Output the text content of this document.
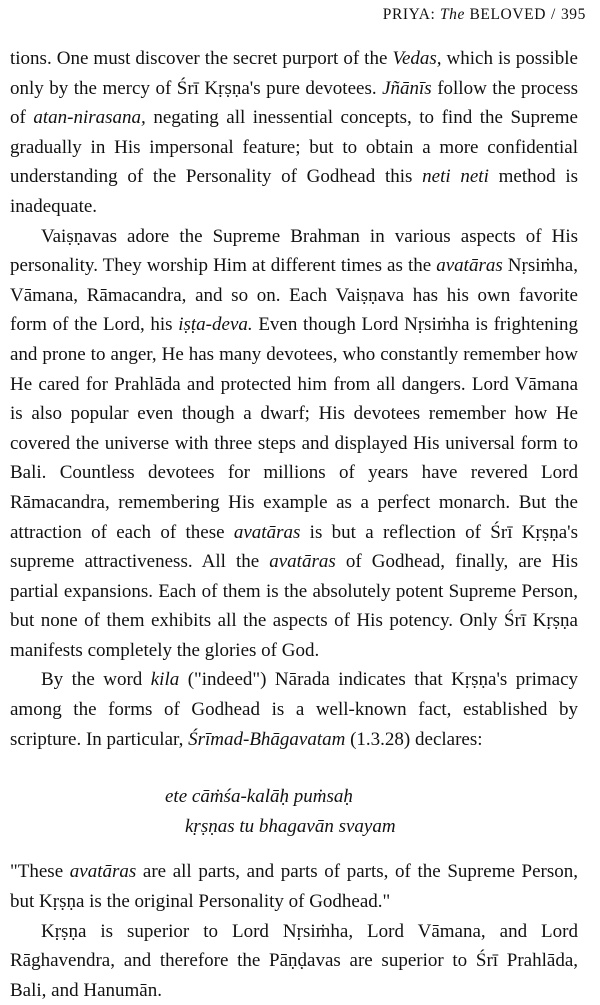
PRIYA: The BELOVED / 395

tions. One must discover the secret purport of the Vedas, which is possible only by the mercy of Śrī Kṛṣṇa's pure devotees. Jñānīs follow the process of atan-nirasana, negating all inessential concepts, to find the Supreme gradually in His impersonal feature; but to obtain a more confidential understanding of the Personality of Godhead this neti neti method is inadequate.

Vaiṣṇavas adore the Supreme Brahman in various aspects of His personality. They worship Him at different times as the avatāras Nṛsiṁha, Vāmana, Rāmacandra, and so on. Each Vaiṣṇava has his own favorite form of the Lord, his iṣṭa-deva. Even though Lord Nṛsiṁha is frightening and prone to anger, He has many devotees, who constantly remember how He cared for Prahlāda and protected him from all dangers. Lord Vāmana is also popular even though a dwarf; His devotees remember how He covered the universe with three steps and displayed His universal form to Bali. Countless devotees for millions of years have revered Lord Rāmacandra, remembering His example as a perfect monarch. But the attraction of each of these avatāras is but a reflection of Śrī Kṛṣṇa's supreme attractiveness. All the avatāras of Godhead, finally, are His partial expansions. Each of them is the absolutely potent Supreme Person, but none of them exhibits all the aspects of His potency. Only Śrī Kṛṣṇa manifests completely the glories of God.

By the word kila ("indeed") Nārada indicates that Kṛṣṇa's primacy among the forms of Godhead is a well-known fact, established by scripture. In particular, Śrīmad-Bhāgavatam (1.3.28) declares:

ete cāṁśa-kalāḥ puṁsaḥ
kṛṣṇas tu bhagavān svayam

"These avatāras are all parts, and parts of parts, of the Supreme Person, but Kṛṣṇa is the original Personality of Godhead."

Kṛṣṇa is superior to Lord Nṛsiṁha, Lord Vāmana, and Lord Rāghavendra, and therefore the Pāṇḍavas are superior to Śrī Prahlāda, Bali, and Hanumān.
